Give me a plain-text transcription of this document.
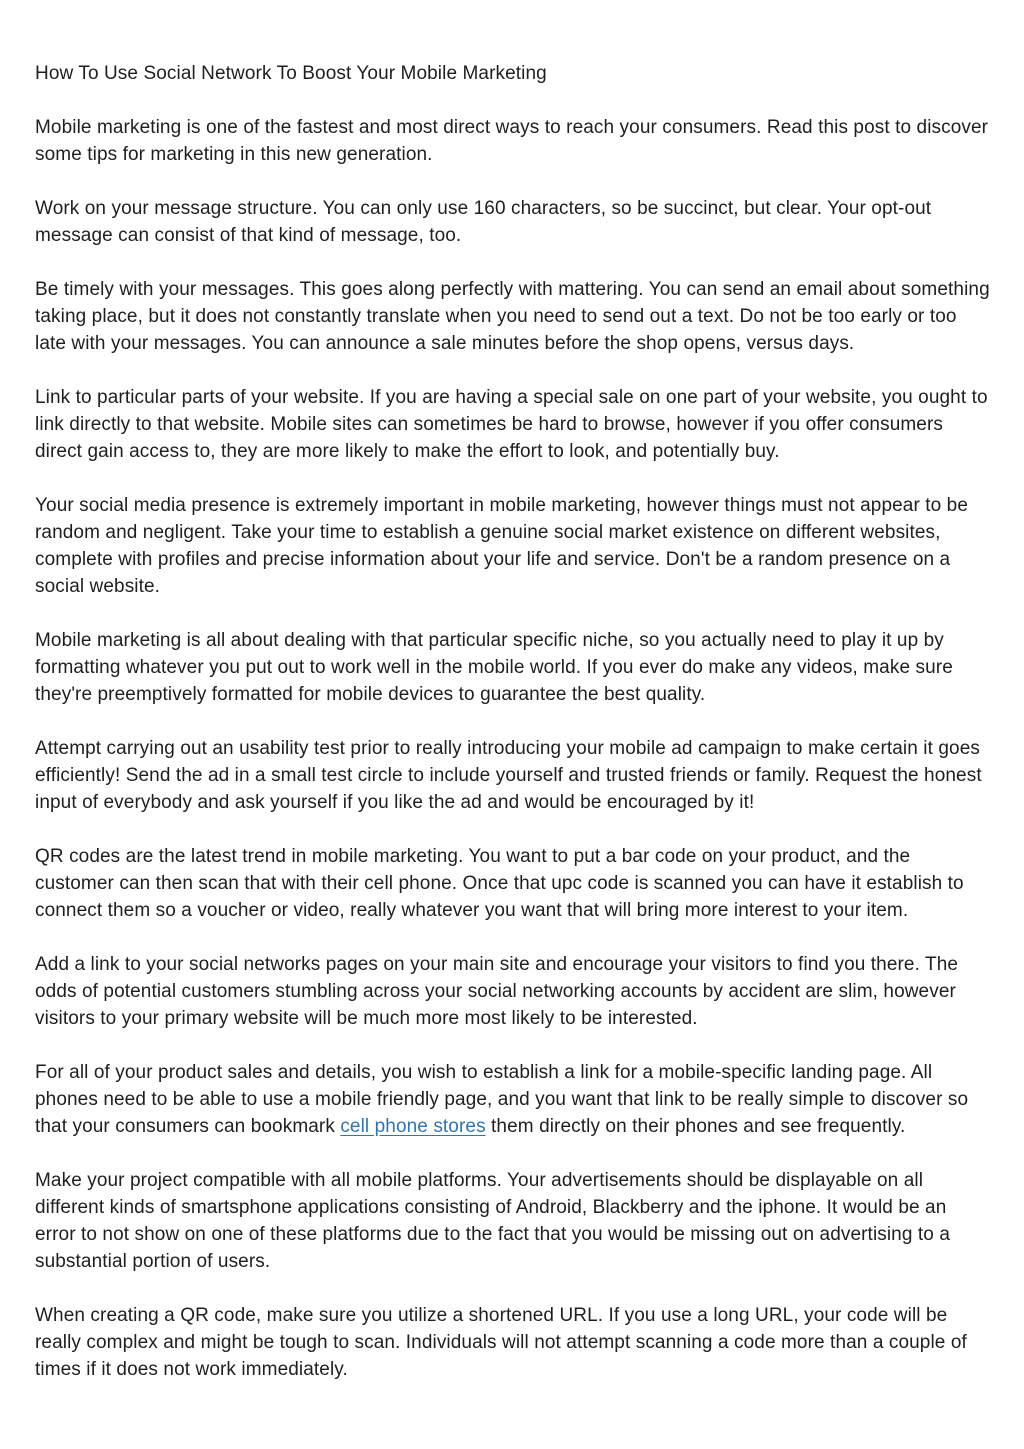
How To Use Social Network To Boost Your Mobile Marketing

Mobile marketing is one of the fastest and most direct ways to reach your consumers. Read this post to discover some tips for marketing in this new generation.

Work on your message structure. You can only use 160 characters, so be succinct, but clear. Your opt-out message can consist of that kind of message, too.

Be timely with your messages. This goes along perfectly with mattering. You can send an email about something taking place, but it does not constantly translate when you need to send out a text. Do not be too early or too late with your messages. You can announce a sale minutes before the shop opens, versus days.

Link to particular parts of your website. If you are having a special sale on one part of your website, you ought to link directly to that website. Mobile sites can sometimes be hard to browse, however if you offer consumers direct gain access to, they are more likely to make the effort to look, and potentially buy.

Your social media presence is extremely important in mobile marketing, however things must not appear to be random and negligent. Take your time to establish a genuine social market existence on different websites, complete with profiles and precise information about your life and service. Don't be a random presence on a social website.

Mobile marketing is all about dealing with that particular specific niche, so you actually need to play it up by formatting whatever you put out to work well in the mobile world. If you ever do make any videos, make sure they're preemptively formatted for mobile devices to guarantee the best quality.

Attempt carrying out an usability test prior to really introducing your mobile ad campaign to make certain it goes efficiently! Send the ad in a small test circle to include yourself and trusted friends or family. Request the honest input of everybody and ask yourself if you like the ad and would be encouraged by it!

QR codes are the latest trend in mobile marketing. You want to put a bar code on your product, and the customer can then scan that with their cell phone. Once that upc code is scanned you can have it establish to connect them so a voucher or video, really whatever you want that will bring more interest to your item.

Add a link to your social networks pages on your main site and encourage your visitors to find you there. The odds of potential customers stumbling across your social networking accounts by accident are slim, however visitors to your primary website will be much more most likely to be interested.

For all of your product sales and details, you wish to establish a link for a mobile-specific landing page. All phones need to be able to use a mobile friendly page, and you want that link to be really simple to discover so that your consumers can bookmark cell phone stores them directly on their phones and see frequently.

Make your project compatible with all mobile platforms. Your advertisements should be displayable on all different kinds of smartsphone applications consisting of Android, Blackberry and the iphone. It would be an error to not show on one of these platforms due to the fact that you would be missing out on advertising to a substantial portion of users.

When creating a QR code, make sure you utilize a shortened URL. If you use a long URL, your code will be really complex and might be tough to scan. Individuals will not attempt scanning a code more than a couple of times if it does not work immediately.
